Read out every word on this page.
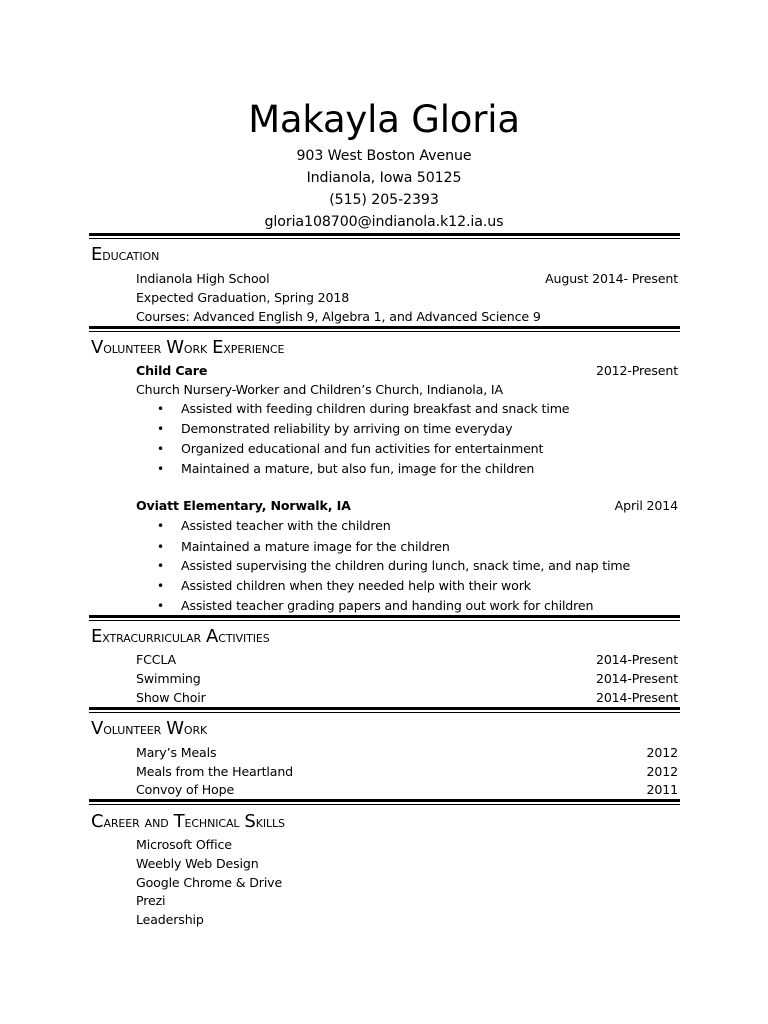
Makayla Gloria
903 West Boston Avenue
Indianola, Iowa 50125
(515) 205-2393
gloria108700@indianola.k12.ia.us
Education
Indianola High School	August 2014- Present
Expected Graduation, Spring 2018
Courses: Advanced English 9, Algebra 1, and Advanced Science 9
Volunteer Work Experience
Child Care	2012-Present
Church Nursery-Worker and Children’s Church, Indianola, IA
• Assisted with feeding children during breakfast and snack time
• Demonstrated reliability by arriving on time everyday
• Organized educational and fun activities for entertainment
• Maintained a mature, but also fun, image for the children
Oviatt Elementary, Norwalk, IA	April 2014
• Assisted teacher with the children
• Maintained a mature image for the children
• Assisted supervising the children during lunch, snack time, and nap time
• Assisted children when they needed help with their work
• Assisted teacher grading papers and handing out work for children
Extracurricular Activities
FCCLA	2014-Present
Swimming	2014-Present
Show Choir	2014-Present
Volunteer Work
Mary’s Meals	2012
Meals from the Heartland	2012
Convoy of Hope	2011
Career and Technical Skills
Microsoft Office
Weebly Web Design
Google Chrome & Drive
Prezi
Leadership
